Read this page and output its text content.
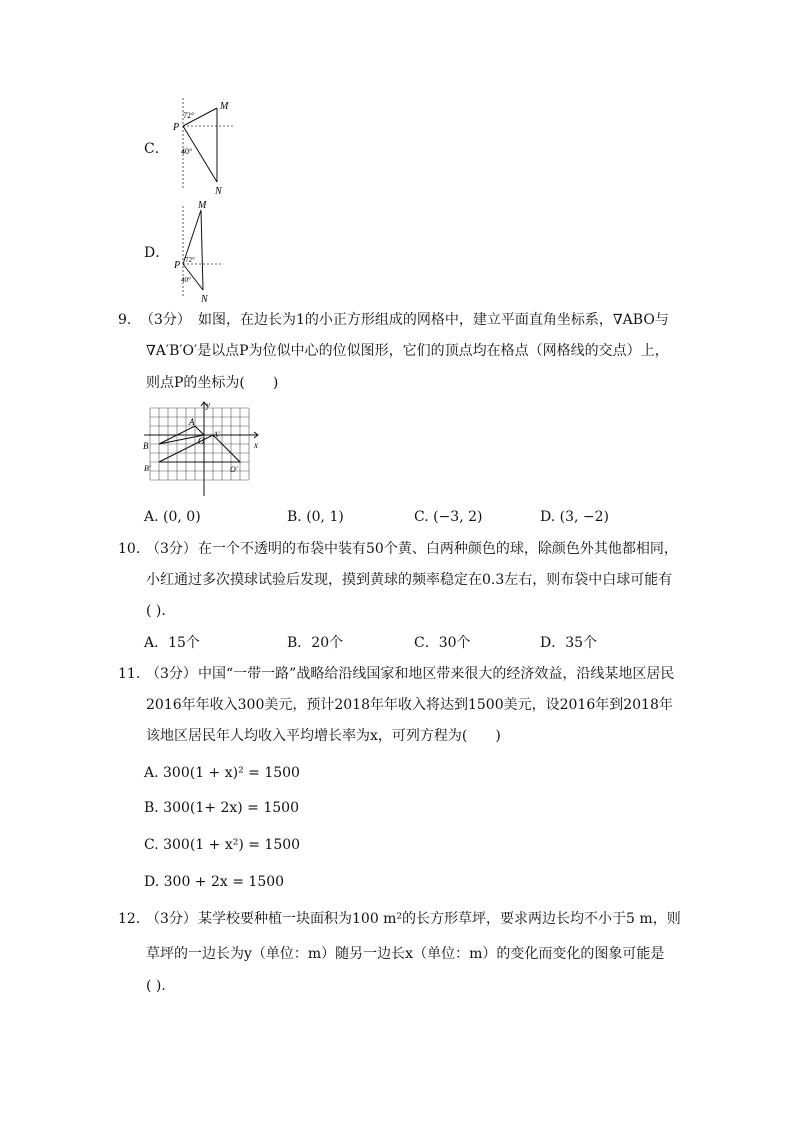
C．
72°
40°
P
M
N
D． 72°
40°
P
M
N
9. （3分） 如图，在边长为1的小正方形组成的网格中，建立平面直角坐标系，∇ABO与
∇A′B′O′是以点P为位似中心的位似图形，它们的顶点均在格点（网格线的交点）上，
则点P的坐标为(　　)
y
x
A
O
A′
B
B′	O′
A. (0, 0)	B. (0, 1)	C. (−3, 2)	D. (3, −2)
10. （3分） 在一个不透明的布袋中装有50个黄、白两种颜色的球，除颜色外其他都相同，
小红通过多次摸球试验后发现，摸到黄球的频率稳定在0.3左右，则布袋中白球可能有
( ).
A．15个	B．20个	C．30个	D．35个
11. （3分） 中国“一带一路”战略给沿线国家和地区带来很大的经济效益，沿线某地区居民
2016年年收入300美元，预计2018年年收入将达到1500美元，设2016年到2018年
该地区居民年人均收入平均增长率为x，可列方程为(　　)
A. 300(1 + x)² = 1500
B. 300(1+ 2x) = 1500
C. 300(1 + x²) = 1500
D. 300 + 2x = 1500
12. （3分） 某学校要种植一块面积为100 m²的长方形草坪，要求两边长均不小于5 m，则
草坪的一边长为y（单位：m）随另一边长x（单位：m）的变化而变化的图象可能是
( ).
